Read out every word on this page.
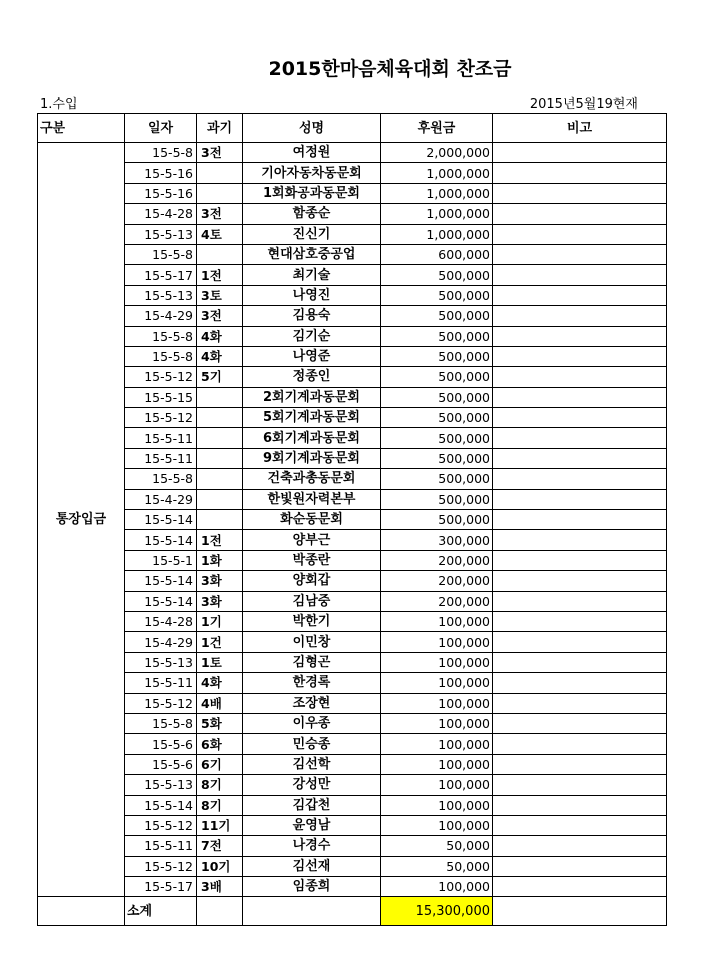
2015한마음체육대회 찬조금
1.수입	2015년5월19현재
구분	일자	과기	성명	후원금	비고
통장입금	15-5-8	3전	여정원	2,000,000	
	15-5-16		기아자동차동문회	1,000,000	
	15-5-16		1회화공과동문회	1,000,000	
	15-4-28	3전	함종순	1,000,000	
	15-5-13	4토	진신기	1,000,000	
	15-5-8		현대삼호중공업	600,000	
	15-5-17	1전	최기술	500,000	
	15-5-13	3토	나영진	500,000	
	15-4-29	3전	김용숙	500,000	
	15-5-8	4화	김기순	500,000	
	15-5-8	4화	나영준	500,000	
	15-5-12	5기	정종인	500,000	
	15-5-15		2회기계과동문회	500,000	
	15-5-12		5회기계과동문회	500,000	
	15-5-11		6회기계과동문회	500,000	
	15-5-11		9회기계과동문회	500,000	
	15-5-8		건축과총동문회	500,000	
	15-4-29		한빛원자력본부	500,000	
	15-5-14		화순동문회	500,000	
	15-5-14	1전	양부근	300,000	
	15-5-1	1화	박종란	200,000	
	15-5-14	3화	양회갑	200,000	
	15-5-14	3화	김남중	200,000	
	15-4-28	1기	박한기	100,000	
	15-4-29	1건	이민창	100,000	
	15-5-13	1토	김형곤	100,000	
	15-5-11	4화	한경록	100,000	
	15-5-12	4배	조장현	100,000	
	15-5-8	5화	이우종	100,000	
	15-5-6	6화	민승종	100,000	
	15-5-6	6기	김선학	100,000	
	15-5-13	8기	강성만	100,000	
	15-5-14	8기	김갑천	100,000	
	15-5-12	11기	윤영남	100,000	
	15-5-11	7전	나경수	50,000	
	15-5-12	10기	김선재	50,000	
	15-5-17	3배	임종희	100,000	
	소계			15,300,000	
